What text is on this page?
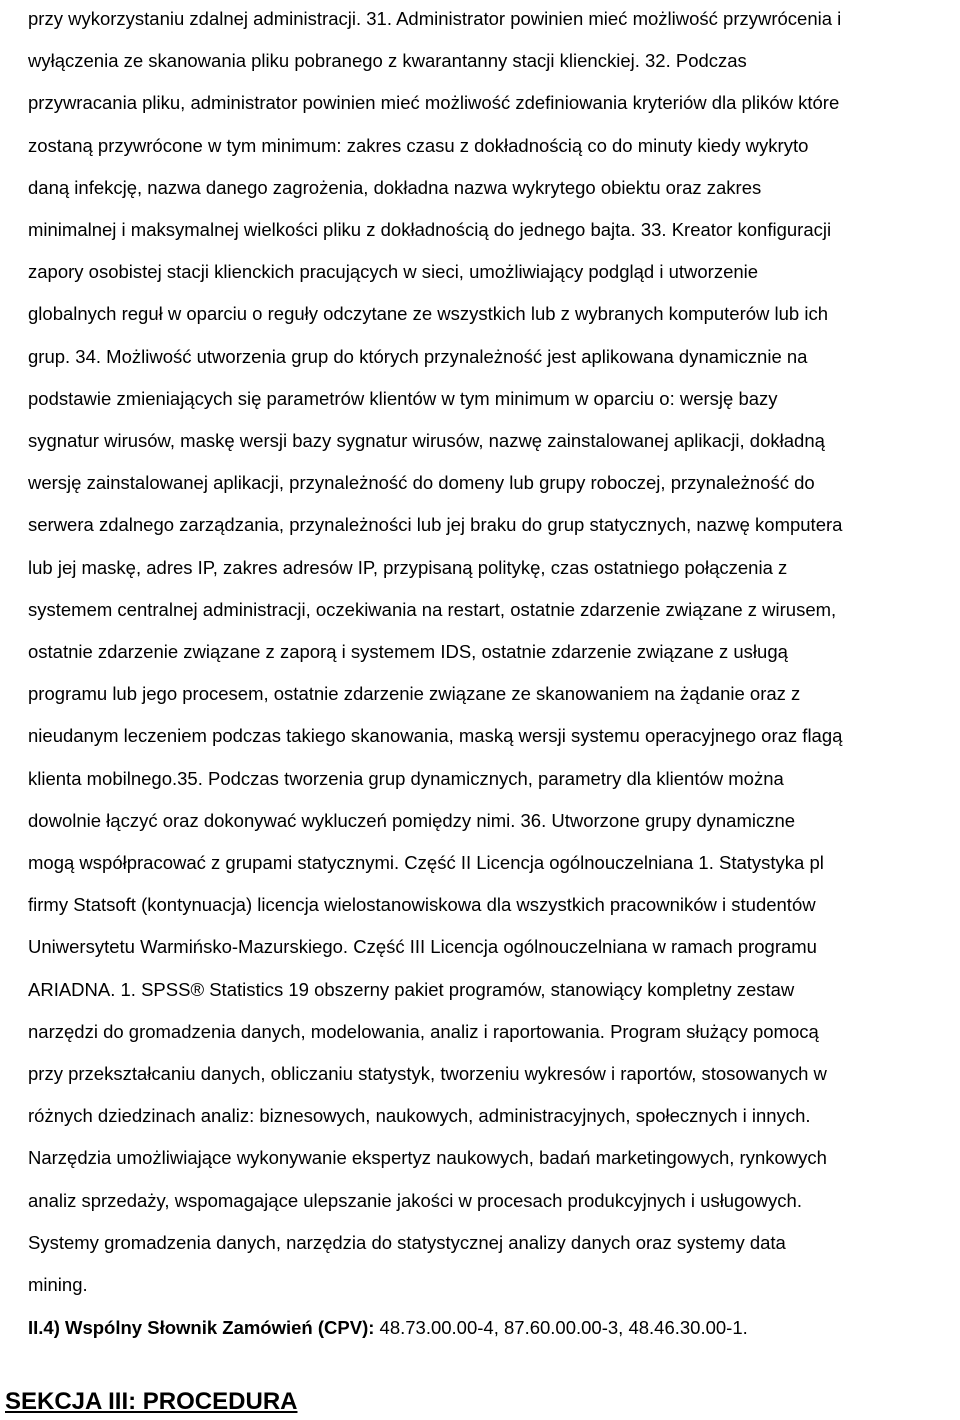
przy wykorzystaniu zdalnej administracji. 31. Administrator powinien mieć możliwość przywrócenia i
wyłączenia ze skanowania pliku pobranego z kwarantanny stacji klienckiej. 32. Podczas
przywracania pliku, administrator powinien mieć możliwość zdefiniowania kryteriów dla plików które
zostaną przywrócone w tym minimum: zakres czasu z dokładnością co do minuty kiedy wykryto
daną infekcję, nazwa danego zagrożenia, dokładna nazwa wykrytego obiektu oraz zakres
minimalnej i maksymalnej wielkości pliku z dokładnością do jednego bajta. 33. Kreator konfiguracji
zapory osobistej stacji klienckich pracujących w sieci, umożliwiający podgląd i utworzenie
globalnych reguł w oparciu o reguły odczytane ze wszystkich lub z wybranych komputerów lub ich
grup. 34. Możliwość utworzenia grup do których przynależność jest aplikowana dynamicznie na
podstawie zmieniających się parametrów klientów w tym minimum w oparciu o: wersję bazy
sygnatur wirusów, maskę wersji bazy sygnatur wirusów, nazwę zainstalowanej aplikacji, dokładną
wersję zainstalowanej aplikacji, przynależność do domeny lub grupy roboczej, przynależność do
serwera zdalnego zarządzania, przynależności lub jej braku do grup statycznych, nazwę komputera
lub jej maskę, adres IP, zakres adresów IP, przypisaną politykę, czas ostatniego połączenia z
systemem centralnej administracji, oczekiwania na restart, ostatnie zdarzenie związane z wirusem,
ostatnie zdarzenie związane z zaporą i systemem IDS, ostatnie zdarzenie związane z usługą
programu lub jego procesem, ostatnie zdarzenie związane ze skanowaniem na żądanie oraz z
nieudanym leczeniem podczas takiego skanowania, maską wersji systemu operacyjnego oraz flagą
klienta mobilnego.35. Podczas tworzenia grup dynamicznych, parametry dla klientów można
dowolnie łączyć oraz dokonywać wykluczeń pomiędzy nimi. 36. Utworzone grupy dynamiczne
mogą współpracować z grupami statycznymi. Część II Licencja ogólnouczelniana 1. Statystyka pl
firmy Statsoft (kontynuacja) licencja wielostanowiskowa dla wszystkich pracowników i studentów
Uniwersytetu Warmińsko-Mazurskiego. Część III Licencja ogólnouczelniana w ramach programu
ARIADNA. 1. SPSS® Statistics 19 obszerny pakiet programów, stanowiący kompletny zestaw
narzędzi do gromadzenia danych, modelowania, analiz i raportowania. Program służący pomocą
przy przekształcaniu danych, obliczaniu statystyk, tworzeniu wykresów i raportów, stosowanych w
różnych dziedzinach analiz: biznesowych, naukowych, administracyjnych, społecznych i innych.
Narzędzia umożliwiające wykonywanie ekspertyz naukowych, badań marketingowych, rynkowych
analiz sprzedaży, wspomagające ulepszanie jakości w procesach produkcyjnych i usługowych.
Systemy gromadzenia danych, narzędzia do statystycznej analizy danych oraz systemy data
mining.
II.4) Wspólny Słownik Zamówień (CPV): 48.73.00.00-4, 87.60.00.00-3, 48.46.30.00-1.
SEKCJA III: PROCEDURA
